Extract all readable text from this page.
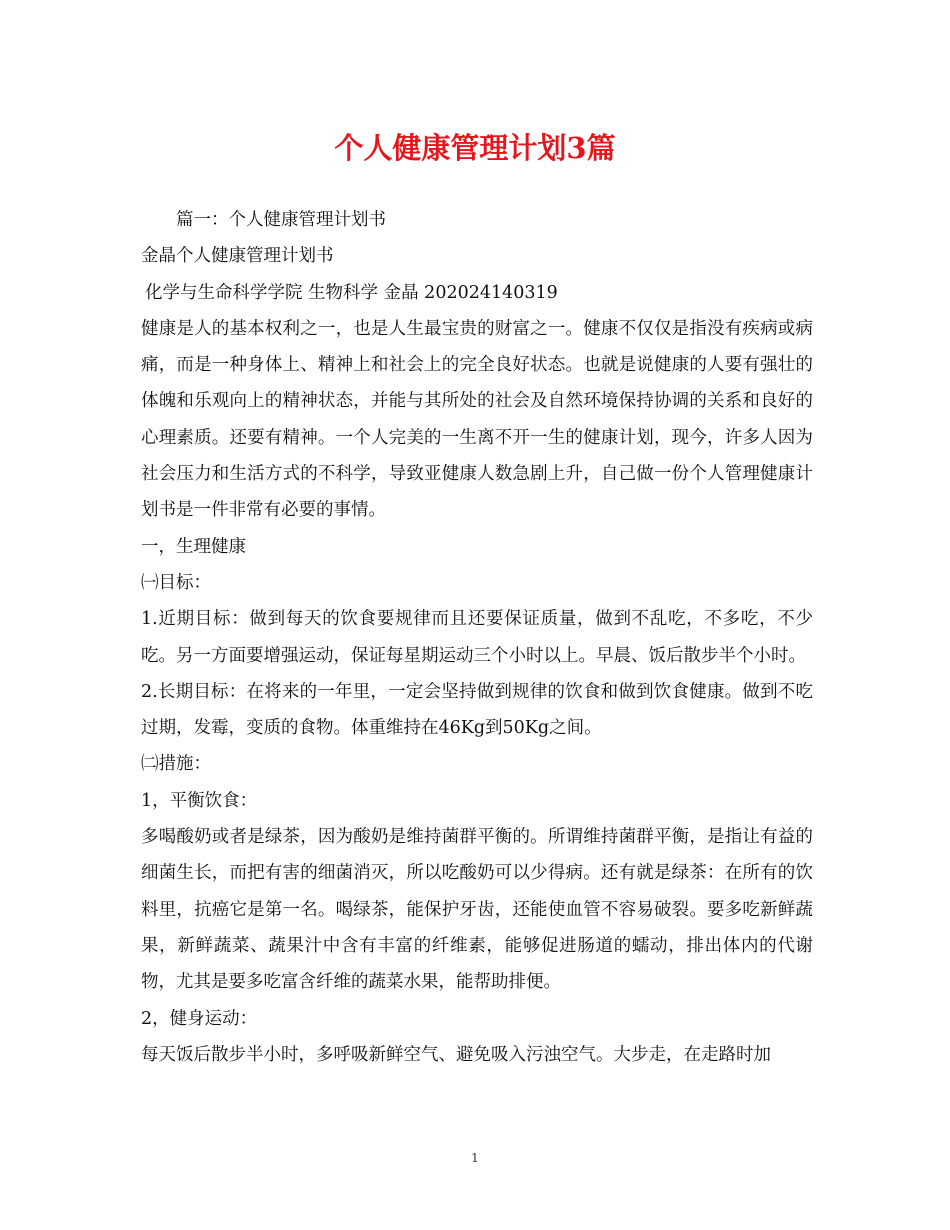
个人健康管理计划3篇

篇一：个人健康管理计划书

金晶个人健康管理计划书

化学与生命科学学院 生物科学 金晶 202024140319

健康是人的基本权利之一，也是人生最宝贵的财富之一。健康不仅仅是指没有疾病或病痛，而是一种身体上、精神上和社会上的完全良好状态。也就是说健康的人要有强壮的体魄和乐观向上的精神状态，并能与其所处的社会及自然环境保持协调的关系和良好的心理素质。还要有精神。一个人完美的一生离不开一生的健康计划，现今，许多人因为社会压力和生活方式的不科学，导致亚健康人数急剧上升，自己做一份个人管理健康计划书是一件非常有必要的事情。

一，生理健康

㈠目标：

1.近期目标：做到每天的饮食要规律而且还要保证质量，做到不乱吃，不多吃，不少吃。另一方面要增强运动，保证每星期运动三个小时以上。早晨、饭后散步半个小时。

2.长期目标：在将来的一年里，一定会坚持做到规律的饮食和做到饮食健康。做到不吃过期，发霉，变质的食物。体重维持在46Kg到50Kg之间。

㈡措施：

1，平衡饮食：

多喝酸奶或者是绿茶，因为酸奶是维持菌群平衡的。所谓维持菌群平衡，是指让有益的细菌生长，而把有害的细菌消灭，所以吃酸奶可以少得病。还有就是绿茶：在所有的饮料里，抗癌它是第一名。喝绿茶，能保护牙齿，还能使血管不容易破裂。要多吃新鲜蔬果，新鲜蔬菜、蔬果汁中含有丰富的纤维素，能够促进肠道的蠕动，排出体内的代谢物，尤其是要多吃富含纤维的蔬菜水果，能帮助排便。

2，健身运动：

每天饭后散步半小时，多呼吸新鲜空气、避免吸入污浊空气。大步走，在走路时加

1
